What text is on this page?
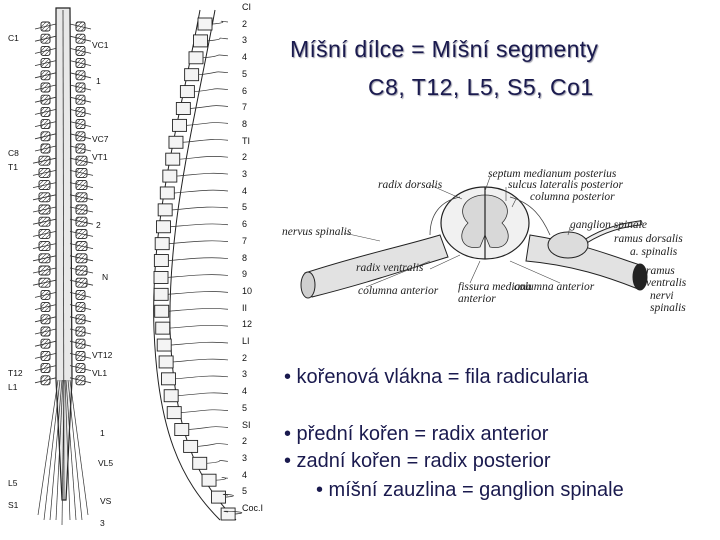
Míšní dílce = Míšní segmenty
C8, T12, L5, S5, Co1
• kořenová vlákna = fila radicularia
• přední kořen = radix anterior
• zadní kořen = radix posterior
• míšní zauzlina = ganglion spinale
C1
VC1
1
VC7
C8	VT1
T1
2
N
VT12
T12	VL1
L1
1
VL5
L5
VS
S1
3
CI
2
3
4
5
6
7
8
TI
2
3
4
5
6
7
8
9
10
II
12
LI
2
3
4
5
SI
2
3
4
5
Coc.I
radix dorsalis
septum medianum posterius
sulcus lateralis posterior
columna posterior
ganglion spinale
ramus dorsalis
a. spinalis
nervus spinalis
radix ventralis	ramus ventralis
nervi spinalis
columna anterior fissura mediana anterior
columna anterior
